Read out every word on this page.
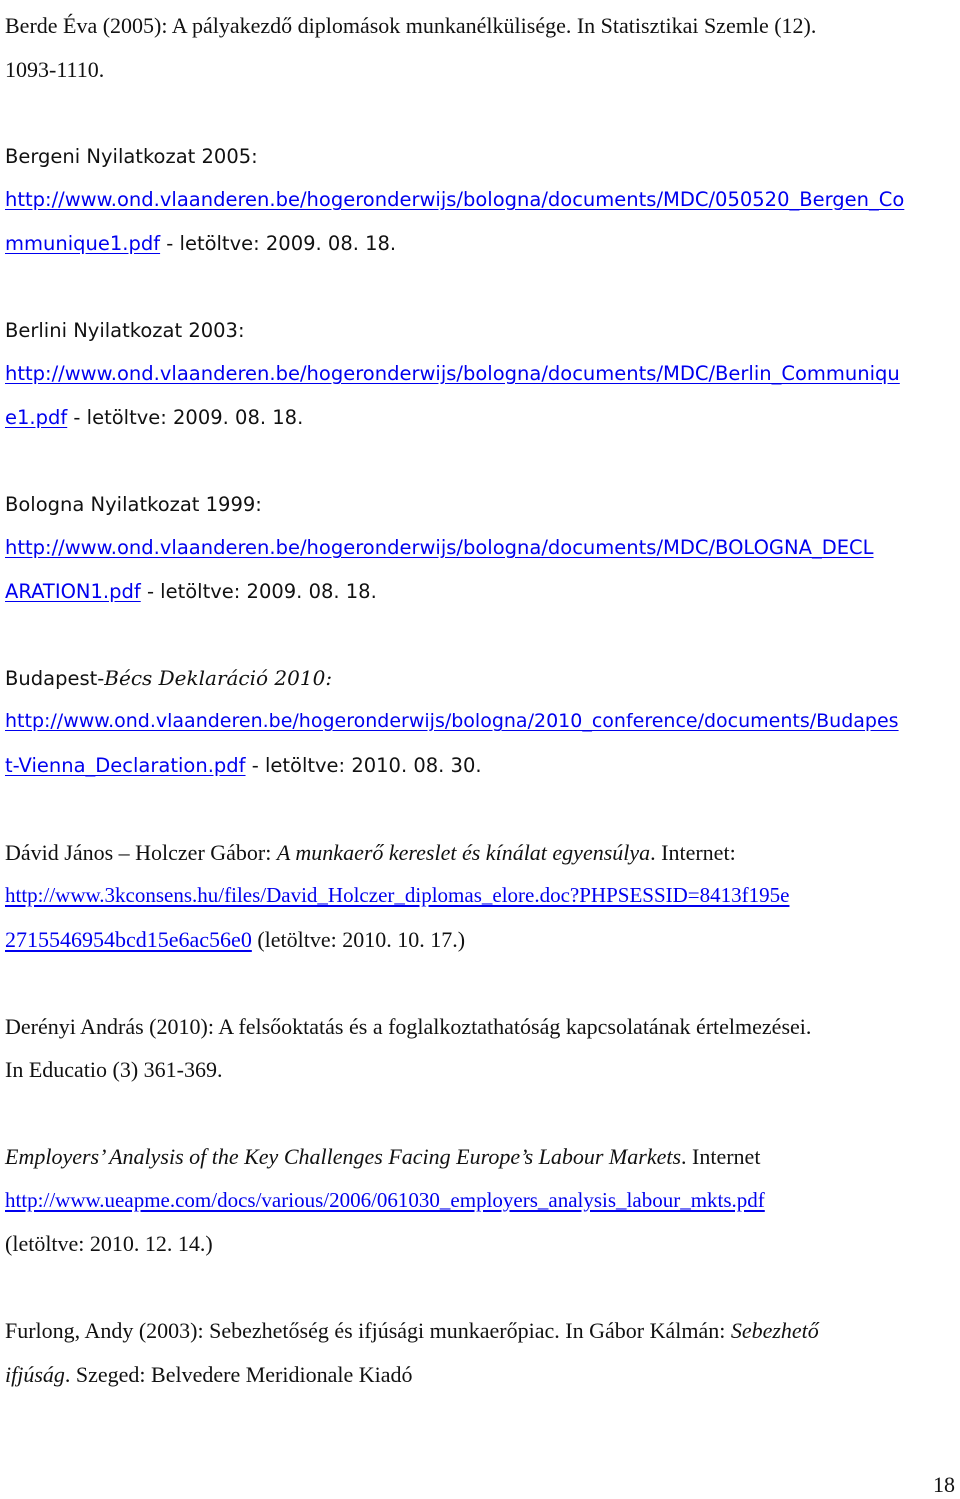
Berde Éva (2005): A pályakezdő diplomások munkanélkülisége. In Statisztikai Szemle (12).

1093-1110.

Bergeni Nyilatkozat 2005:

http://www.ond.vlaanderen.be/hogeronderwijs/bologna/documents/MDC/050520_Bergen_Co

mmunique1.pdf - letöltve: 2009. 08. 18.

Berlini Nyilatkozat 2003:

http://www.ond.vlaanderen.be/hogeronderwijs/bologna/documents/MDC/Berlin_Communiqu

e1.pdf - letöltve: 2009. 08. 18.

Bologna Nyilatkozat 1999:

http://www.ond.vlaanderen.be/hogeronderwijs/bologna/documents/MDC/BOLOGNA_DECL

ARATION1.pdf - letöltve: 2009. 08. 18.

Budapest-Bécs Deklaráció 2010:

http://www.ond.vlaanderen.be/hogeronderwijs/bologna/2010_conference/documents/Budapes

t-Vienna_Declaration.pdf - letöltve: 2010. 08. 30.

Dávid János – Holczer Gábor: A munkaerő kereslet és kínálat egyensúlya. Internet:

http://www.3kconsens.hu/files/David_Holczer_diplomas_elore.doc?PHPSESSID=8413f195e

2715546954bcd15e6ac56e0 (letöltve: 2010. 10. 17.)

Derényi András (2010): A felsőoktatás és a foglalkoztathatóság kapcsolatának értelmezései.

In Educatio (3) 361-369.

Employers’ Analysis of the Key Challenges Facing Europe’s Labour Markets. Internet

http://www.ueapme.com/docs/various/2006/061030_employers_analysis_labour_mkts.pdf

(letöltve: 2010. 12. 14.)

Furlong, Andy (2003): Sebezhetőség és ifjúsági munkaerőpiac. In Gábor Kálmán: Sebezhető

ifjúság. Szeged: Belvedere Meridionale Kiadó

18
